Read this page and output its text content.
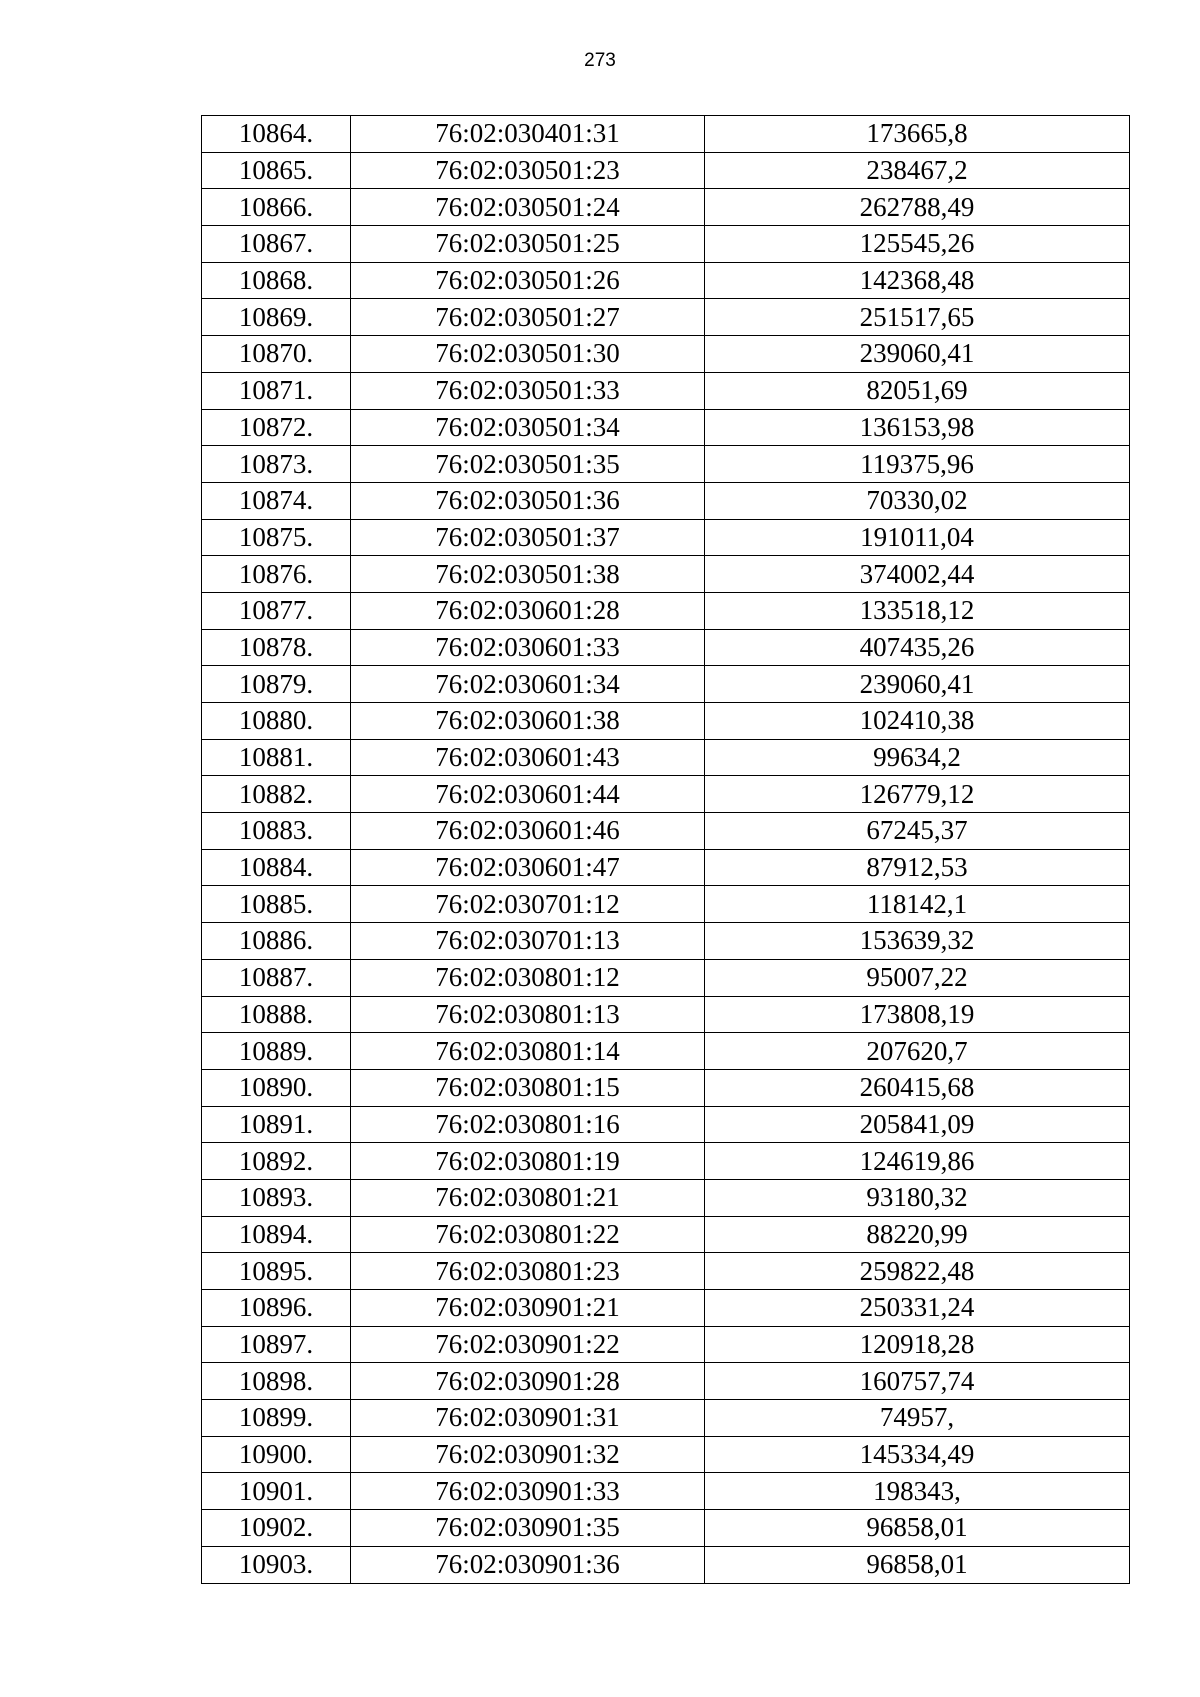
273
10864.	76:02:030401:31	173665,8
10865.	76:02:030501:23	238467,2
10866.	76:02:030501:24	262788,49
10867.	76:02:030501:25	125545,26
10868.	76:02:030501:26	142368,48
10869.	76:02:030501:27	251517,65
10870.	76:02:030501:30	239060,41
10871.	76:02:030501:33	82051,69
10872.	76:02:030501:34	136153,98
10873.	76:02:030501:35	119375,96
10874.	76:02:030501:36	70330,02
10875.	76:02:030501:37	191011,04
10876.	76:02:030501:38	374002,44
10877.	76:02:030601:28	133518,12
10878.	76:02:030601:33	407435,26
10879.	76:02:030601:34	239060,41
10880.	76:02:030601:38	102410,38
10881.	76:02:030601:43	99634,2
10882.	76:02:030601:44	126779,12
10883.	76:02:030601:46	67245,37
10884.	76:02:030601:47	87912,53
10885.	76:02:030701:12	118142,1
10886.	76:02:030701:13	153639,32
10887.	76:02:030801:12	95007,22
10888.	76:02:030801:13	173808,19
10889.	76:02:030801:14	207620,7
10890.	76:02:030801:15	260415,68
10891.	76:02:030801:16	205841,09
10892.	76:02:030801:19	124619,86
10893.	76:02:030801:21	93180,32
10894.	76:02:030801:22	88220,99
10895.	76:02:030801:23	259822,48
10896.	76:02:030901:21	250331,24
10897.	76:02:030901:22	120918,28
10898.	76:02:030901:28	160757,74
10899.	76:02:030901:31	74957,
10900.	76:02:030901:32	145334,49
10901.	76:02:030901:33	198343,
10902.	76:02:030901:35	96858,01
10903.	76:02:030901:36	96858,01
